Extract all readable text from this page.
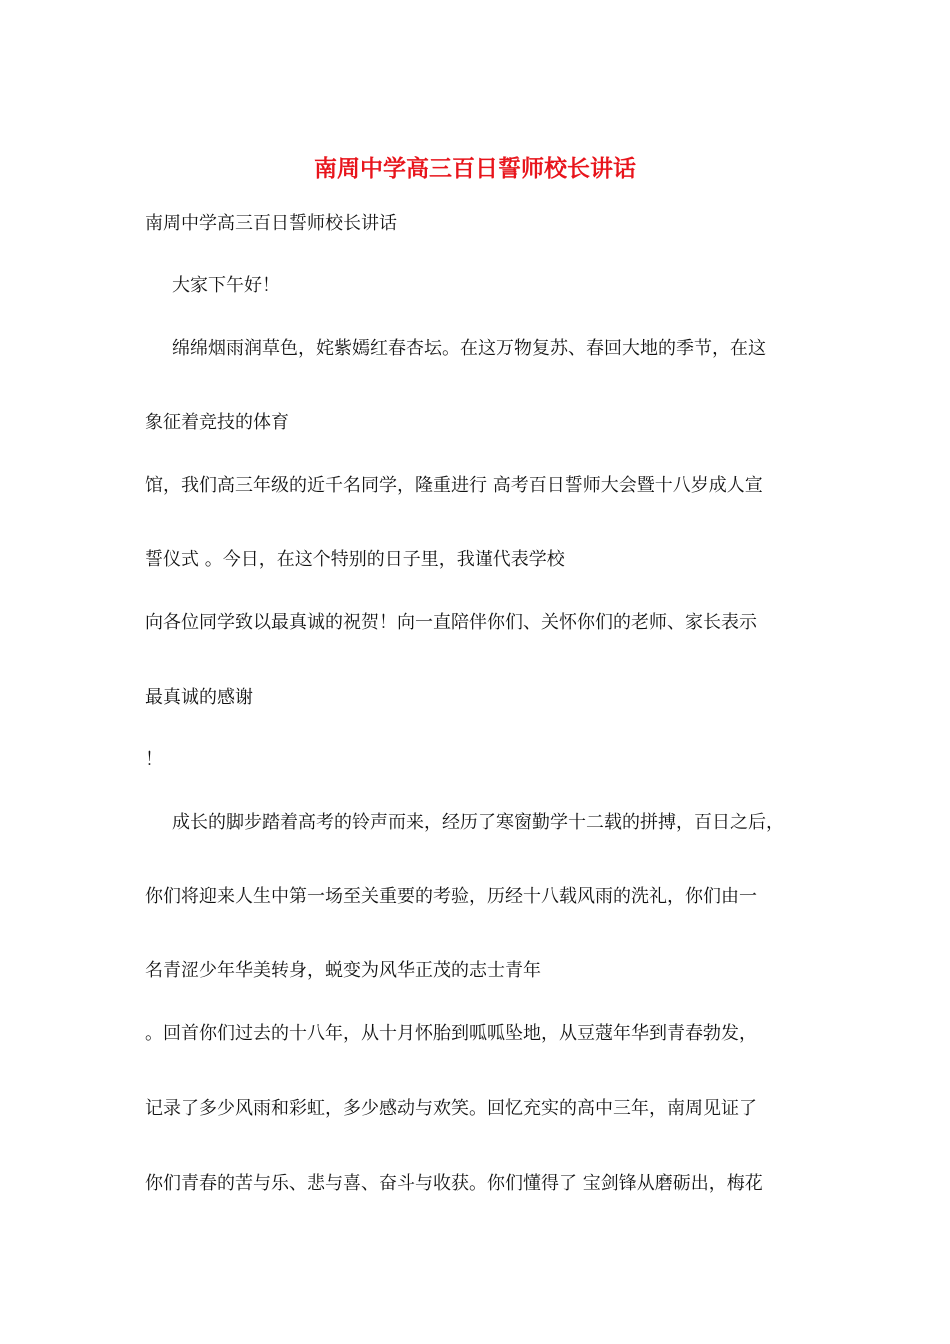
南周中学高三百日誓师校长讲话
南周中学高三百日誓师校长讲话
大家下午好！
绵绵烟雨润草色，姹紫嫣红春杏坛。在这万物复苏、春回大地的季节，在这
象征着竞技的体育
馆，我们高三年级的近千名同学，隆重进行 高考百日誓师大会暨十八岁成人宣
誓仪式 。今日，在这个特别的日子里，我谨代表学校
向各位同学致以最真诚的祝贺！向一直陪伴你们、关怀你们的老师、家长表示
最真诚的感谢
！
成长的脚步踏着高考的铃声而来，经历了寒窗勤学十二载的拼搏，百日之后，
你们将迎来人生中第一场至关重要的考验，历经十八载风雨的洗礼，你们由一
名青涩少年华美转身，蜕变为风华正茂的志士青年
。回首你们过去的十八年，从十月怀胎到呱呱坠地，从豆蔻年华到青春勃发，
记录了多少风雨和彩虹，多少感动与欢笑。回忆充实的高中三年，南周见证了
你们青春的苦与乐、悲与喜、奋斗与收获。你们懂得了 宝剑锋从磨砺出，梅花
